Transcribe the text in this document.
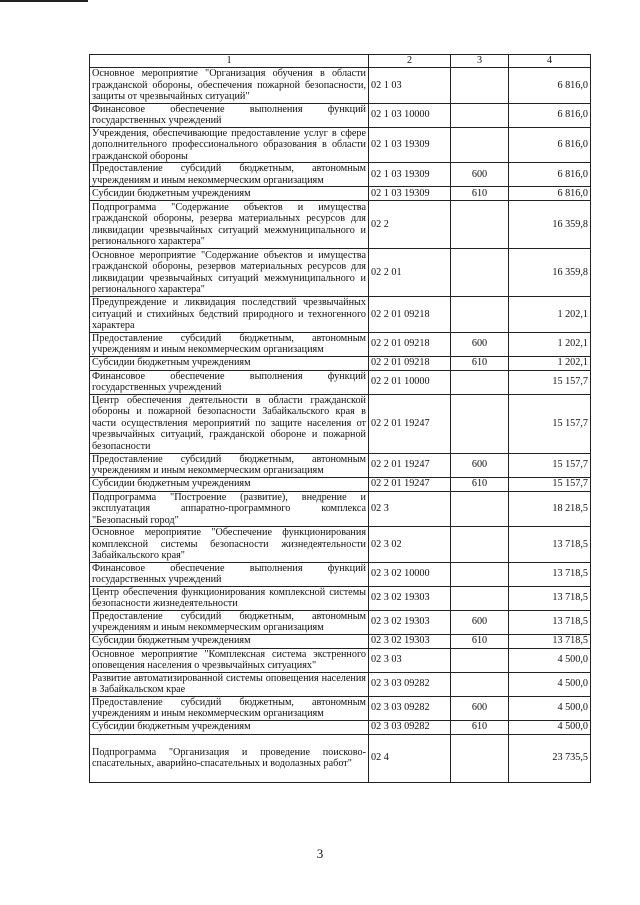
1	2	3	4
Основное мероприятие "Организация обучения в области гражданской обороны, обеспечения пожарной безопасности, защиты от чрезвычайных ситуаций"	02 1 03		6 816,0
Финансовое обеспечение выполнения функций государственных учреждений	02 1 03 10000		6 816,0
Учреждения, обеспечивающие предоставление услуг в сфере дополнительного профессионального образования в области гражданской обороны	02 1 03 19309		6 816,0
Предоставление субсидий бюджетным, автономным учреждениям и иным некоммерческим организациям	02 1 03 19309	600	6 816,0
Субсидии бюджетным учреждениям	02 1 03 19309	610	6 816,0
Подпрограмма "Содержание объектов и имущества гражданской обороны, резерва материальных ресурсов для ликвидации чрезвычайных ситуаций межмуниципального и регионального характера"	02 2		16 359,8
Основное мероприятие "Содержание объектов и имущества гражданской обороны, резервов материальных ресурсов для ликвидации чрезвычайных ситуаций межмуниципального и регионального характера"	02 2 01		16 359,8
Предупреждение и ликвидация последствий чрезвычайных ситуаций и стихийных бедствий природного и техногенного характера	02 2 01 09218		1 202,1
Предоставление субсидий бюджетным, автономным учреждениям и иным некоммерческим организациям	02 2 01 09218	600	1 202,1
Субсидии бюджетным учреждениям	02 2 01 09218	610	1 202,1
Финансовое обеспечение выполнения функций государственных учреждений	02 2 01 10000		15 157,7
Центр обеспечения деятельности в области гражданской обороны и пожарной безопасности Забайкальского края в части осуществления мероприятий по защите населения от чрезвычайных ситуаций, гражданской обороне и пожарной безопасности	02 2 01 19247		15 157,7
Предоставление субсидий бюджетным, автономным учреждениям и иным некоммерческим организациям	02 2 01 19247	600	15 157,7
Субсидии бюджетным учреждениям	02 2 01 19247	610	15 157,7
Подпрограмма "Построение (развитие), внедрение и эксплуатация аппаратно-программного комплекса "Безопасный город"	02 3		18 218,5
Основное мероприятие "Обеспечение функционирования комплексной системы безопасности жизнедеятельности Забайкальского края"	02 3 02		13 718,5
Финансовое обеспечение выполнения функций государственных учреждений	02 3 02 10000		13 718,5
Центр обеспечения функционирования комплексной системы безопасности жизнедеятельности	02 3 02 19303		13 718,5
Предоставление субсидий бюджетным, автономным учреждениям и иным некоммерческим организациям	02 3 02 19303	600	13 718,5
Субсидии бюджетным учреждениям	02 3 02 19303	610	13 718,5
Основное мероприятие "Комплексная система экстренного оповещения населения о чрезвычайных ситуациях"	02 3 03		4 500,0
Развитие автоматизированной системы оповещения населения в Забайкальском крае	02 3 03 09282		4 500,0
Предоставление субсидий бюджетным, автономным учреждениям и иным некоммерческим организациям	02 3 03 09282	600	4 500,0
Субсидии бюджетным учреждениям	02 3 03 09282	610	4 500,0
Подпрограмма "Организация и проведение поисково-спасательных, аварийно-спасательных и водолазных работ"	02 4		23 735,5
3
